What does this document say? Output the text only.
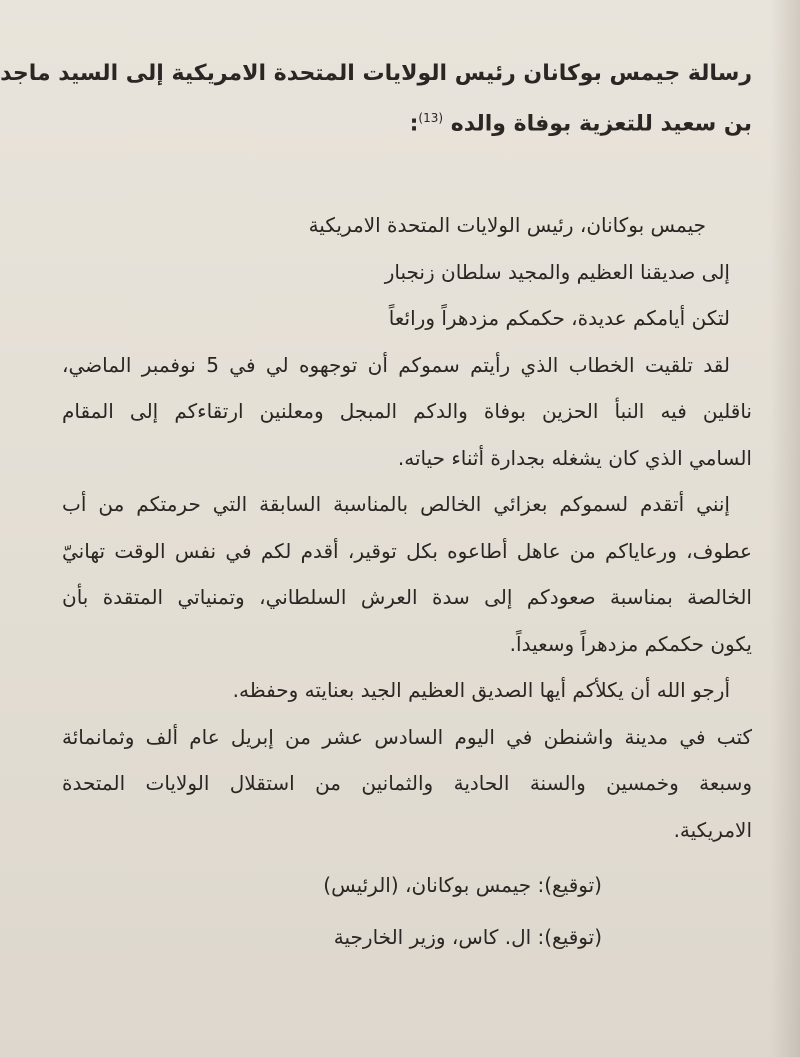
رسالة جيمس بوكانان رئيس الولايات المتحدة الامريكية إلى السيد ماجد
بن سعيد للتعزية بوفاة والده $^{(13)}$:
جيمس بوكانان، رئيس الولايات المتحدة الامريكية
إلى صديقنا العظيم والمجيد سلطان زنجبار
لتكن أيامكم عديدة، حكمكم مزدهراً ورائعاً
لقد تلقيت الخطاب الذي رأيتم سموكم أن توجهوه لي في 5 نوفمبر الماضي،
ناقلين فيه النبأ الحزين بوفاة والدكم المبجل ومعلنين ارتقاءكم إلى المقام
السامي الذي كان يشغله بجدارة أثناء حياته.
إنني أتقدم لسموكم بعزائي الخالص بالمناسبة السابقة التي حرمتكم من أب
عطوف، ورعاياكم من عاهل أطاعوه بكل توقير، أقدم لكم في نفس الوقت تهانيّ
الخالصة بمناسبة صعودكم إلى سدة العرش السلطاني، وتمنياتي المتقدة بأن
يكون حكمكم مزدهراً وسعيداً.
أرجو الله أن يكلأكم أيها الصديق العظيم الجيد بعنايته وحفظه.
كتب في مدينة واشنطن في اليوم السادس عشر من إبريل عام ألف وثمانمائة
وسبعة وخمسين والسنة الحادية والثمانين من استقلال الولايات المتحدة
الامريكية.
(توقيع): جيمس بوكانان، (الرئيس)
(توقيع): ال. كاس، وزير الخارجية
